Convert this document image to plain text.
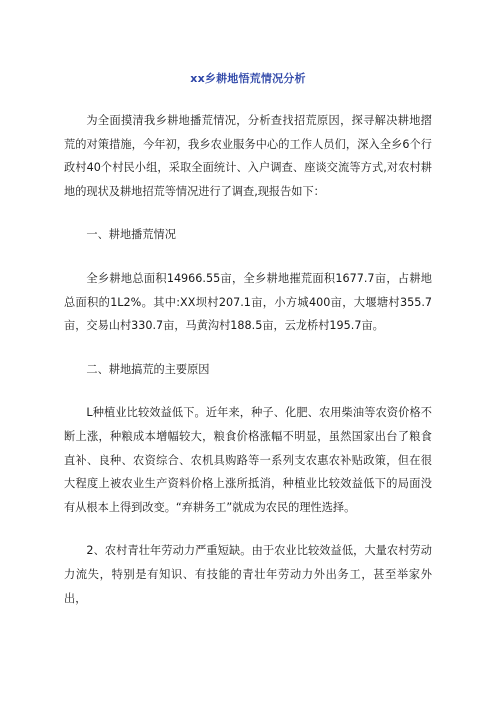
xx乡耕地悟荒情况分析

为全面摸清我乡耕地播荒情况，分析查找招荒原因，探寻解决耕地摺荒的对策措施，今年初，我乡农业服务中心的工作人员们，深入全乡6个行政村40个村民小组，采取全面统计、入户调查、座谈交流等方式,对农村耕地的现状及耕地招荒等情况进行了调查,现报告如下：

一、耕地播荒情况

全乡耕地总面积14966.55亩，全乡耕地摧荒面积1677.7亩，占耕地总面积的1L2%。其中:XX坝村207.1亩，小方城400亩，大堰塘村355.7亩，交易山村330.7亩，马黄沟村188.5亩，云龙桥村195.7亩。

二、耕地搞荒的主要原因

L种植业比较效益低下。近年来，种子、化肥、农用柴油等农资价格不断上涨，种粮成本增幅较大，粮食价格涨幅不明显，虽然国家出台了粮食直补、良种、农资综合、农机具购路等一系列支农惠农补贴政策，但在很大程度上被农业生产资料价格上涨所抵消，种植业比较效益低下的局面没有从根本上得到改变。“弃耕务工”就成为农民的理性选择。

2、农村青壮年劳动力严重短缺。由于农业比较效益低，大量农村劳动力流失，特别是有知识、有技能的青壮年劳动力外出务工，甚至举家外出，
